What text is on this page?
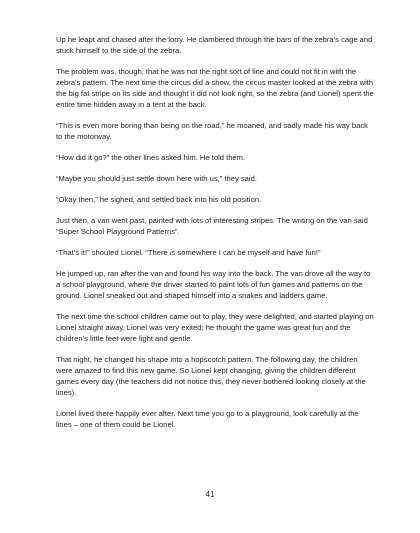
Up he leapt and chased after the lorry. He clambered through the bars of the zebra’s cage and stuck himself to the side of the zebra.

The problem was, though, that he was not the right sort of line and could not fit in with the zebra’s pattern. The next time the circus did a show, the circus master looked at the zebra with the big fat stripe on its side and thought it did not look right, so the zebra (and Lionel) spent the entire time hidden away in a tent at the back.

“This is even more boring than being on the road,” he moaned, and sadly made his way back to the motorway.

“How did it go?” the other lines asked him. He told them.

“Maybe you should just settle down here with us,” they said.

“Okay then,” he sighed, and settled back into his old position.

Just then, a van went past, painted with lots of interesting stripes. The writing on the van said “Super School Playground Patterns”.

“That’s it!” shouted Lionel. “There is somewhere I can be myself and have fun!”

He jumped up, ran after the van and found his way into the back. The van drove all the way to a school playground, where the driver started to paint lots of fun games and patterns on the ground. Lionel sneaked out and shaped himself into a snakes and ladders game.

The next time the school children came out to play, they were delighted, and started playing on Lionel straight away. Lionel was very exited; he thought the game was great fun and the children’s little feet were light and gentle.

That night, he changed his shape into a hopscotch pattern. The following day, the children were amazed to find this new game. So Lionel kept changing, giving the children different games every day (the teachers did not notice this, they never bothered looking closely at the lines).

Lionel lived there happily ever after. Next time you go to a playground, look carefully at the lines – one of them could be Lionel.

41
